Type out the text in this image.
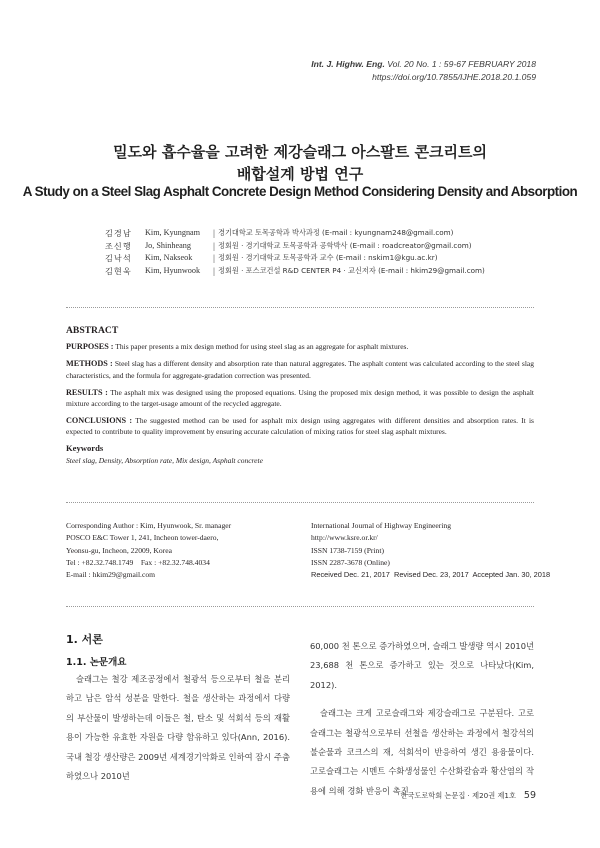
Int. J. Highw. Eng. Vol. 20 No. 1 : 59-67 FEBRUARY 2018
https://doi.org/10.7855/IJHE.2018.20.1.059
밀도와 흡수율을 고려한 제강슬래그 아스팔트 콘크리트의
배합설계 방법 연구
A Study on a Steel Slag Asphalt Concrete Design Method Considering Density and Absorption
김경남	Kim, Kyungnam	| 경기대학교 토목공학과 박사과정 (E-mail : kyungnam248@gmail.com)
조신행	Jo, Shinheang	| 정회원 · 경기대학교 토목공학과 공학박사 (E-mail : roadcreator@gmail.com)
김낙석	Kim, Nakseok	| 정회원 · 경기대학교 토목공학과 교수 (E-mail : nskim1@kgu.ac.kr)
김현욱	Kim, Hyunwook	| 정회원 · 포스코건설 R&D CENTER P4 · 교신저자 (E-mail : hkim29@gmail.com)
ABSTRACT

PURPOSES : This paper presents a mix design method for using steel slag as an aggregate for asphalt mixtures.

METHODS : Steel slag has a different density and absorption rate than natural aggregates. The asphalt content was calculated according to the steel slag characteristics, and the formula for aggregate-gradation correction was presented.

RESULTS : The asphalt mix was designed using the proposed equations. Using the proposed mix design method, it was possible to design the asphalt mixture according to the target-usage amount of the recycled aggregate.

CONCLUSIONS : The suggested method can be used for asphalt mix design using aggregates with different densities and absorption rates. It is expected to contribute to quality improvement by ensuring accurate calculation of mixing ratios for steel slag asphalt mixtures.

Keywords
Steel slag, Density, Absorption rate, Mix design, Asphalt concrete
Corresponding Author : Kim, Hyunwook, Sr. manager
POSCO E&C Tower 1, 241, Incheon tower-daero,
Yeonsu-gu, Incheon, 22009, Korea
Tel : +82.32.748.1749    Fax : +82.32.748.4034
E-mail : hkim29@gmail.com
International Journal of Highway Engineering
http://www.ksre.or.kr/
ISSN 1738-7159 (Print)
ISSN 2287-3678 (Online)
Received Dec. 21, 2017  Revised Dec. 23, 2017  Accepted Jan. 30, 2018
1. 서론
1.1. 논문개요

슬래그는 철강 제조공정에서 철광석 등으로부터 철을 분리하고 남은 암석 성분을 말한다. 철을 생산하는 과정에서 다량의 부산물이 발생하는데 이들은 철, 탄소 및 석회석 등의 재활용이 가능한 유효한 자원을 다량 함유하고 있다(Ann, 2016). 국내 철강 생산량은 2009년 세계경기악화로 인하여 잠시 주춤하였으나 2010년

60,000 천 톤으로 증가하였으며, 슬래그 발생량 역시 2010년 23,688 천 톤으로 증가하고 있는 것으로 나타났다(Kim, 2012).

슬래그는 크게 고로슬래그와 제강슬래그로 구분된다. 고로슬래그는 철광석으로부터 선철을 생산하는 과정에서 철강석의 불순물과 코크스의 재, 석회석이 반응하여 생긴 용융물이다. 고로슬래그는 시멘트 수화생성물인 수산화칼슘과 황산염의 작용에 의해 경화 반응이 촉진

한국도로학회 논문집 · 제20권 제1호 59
